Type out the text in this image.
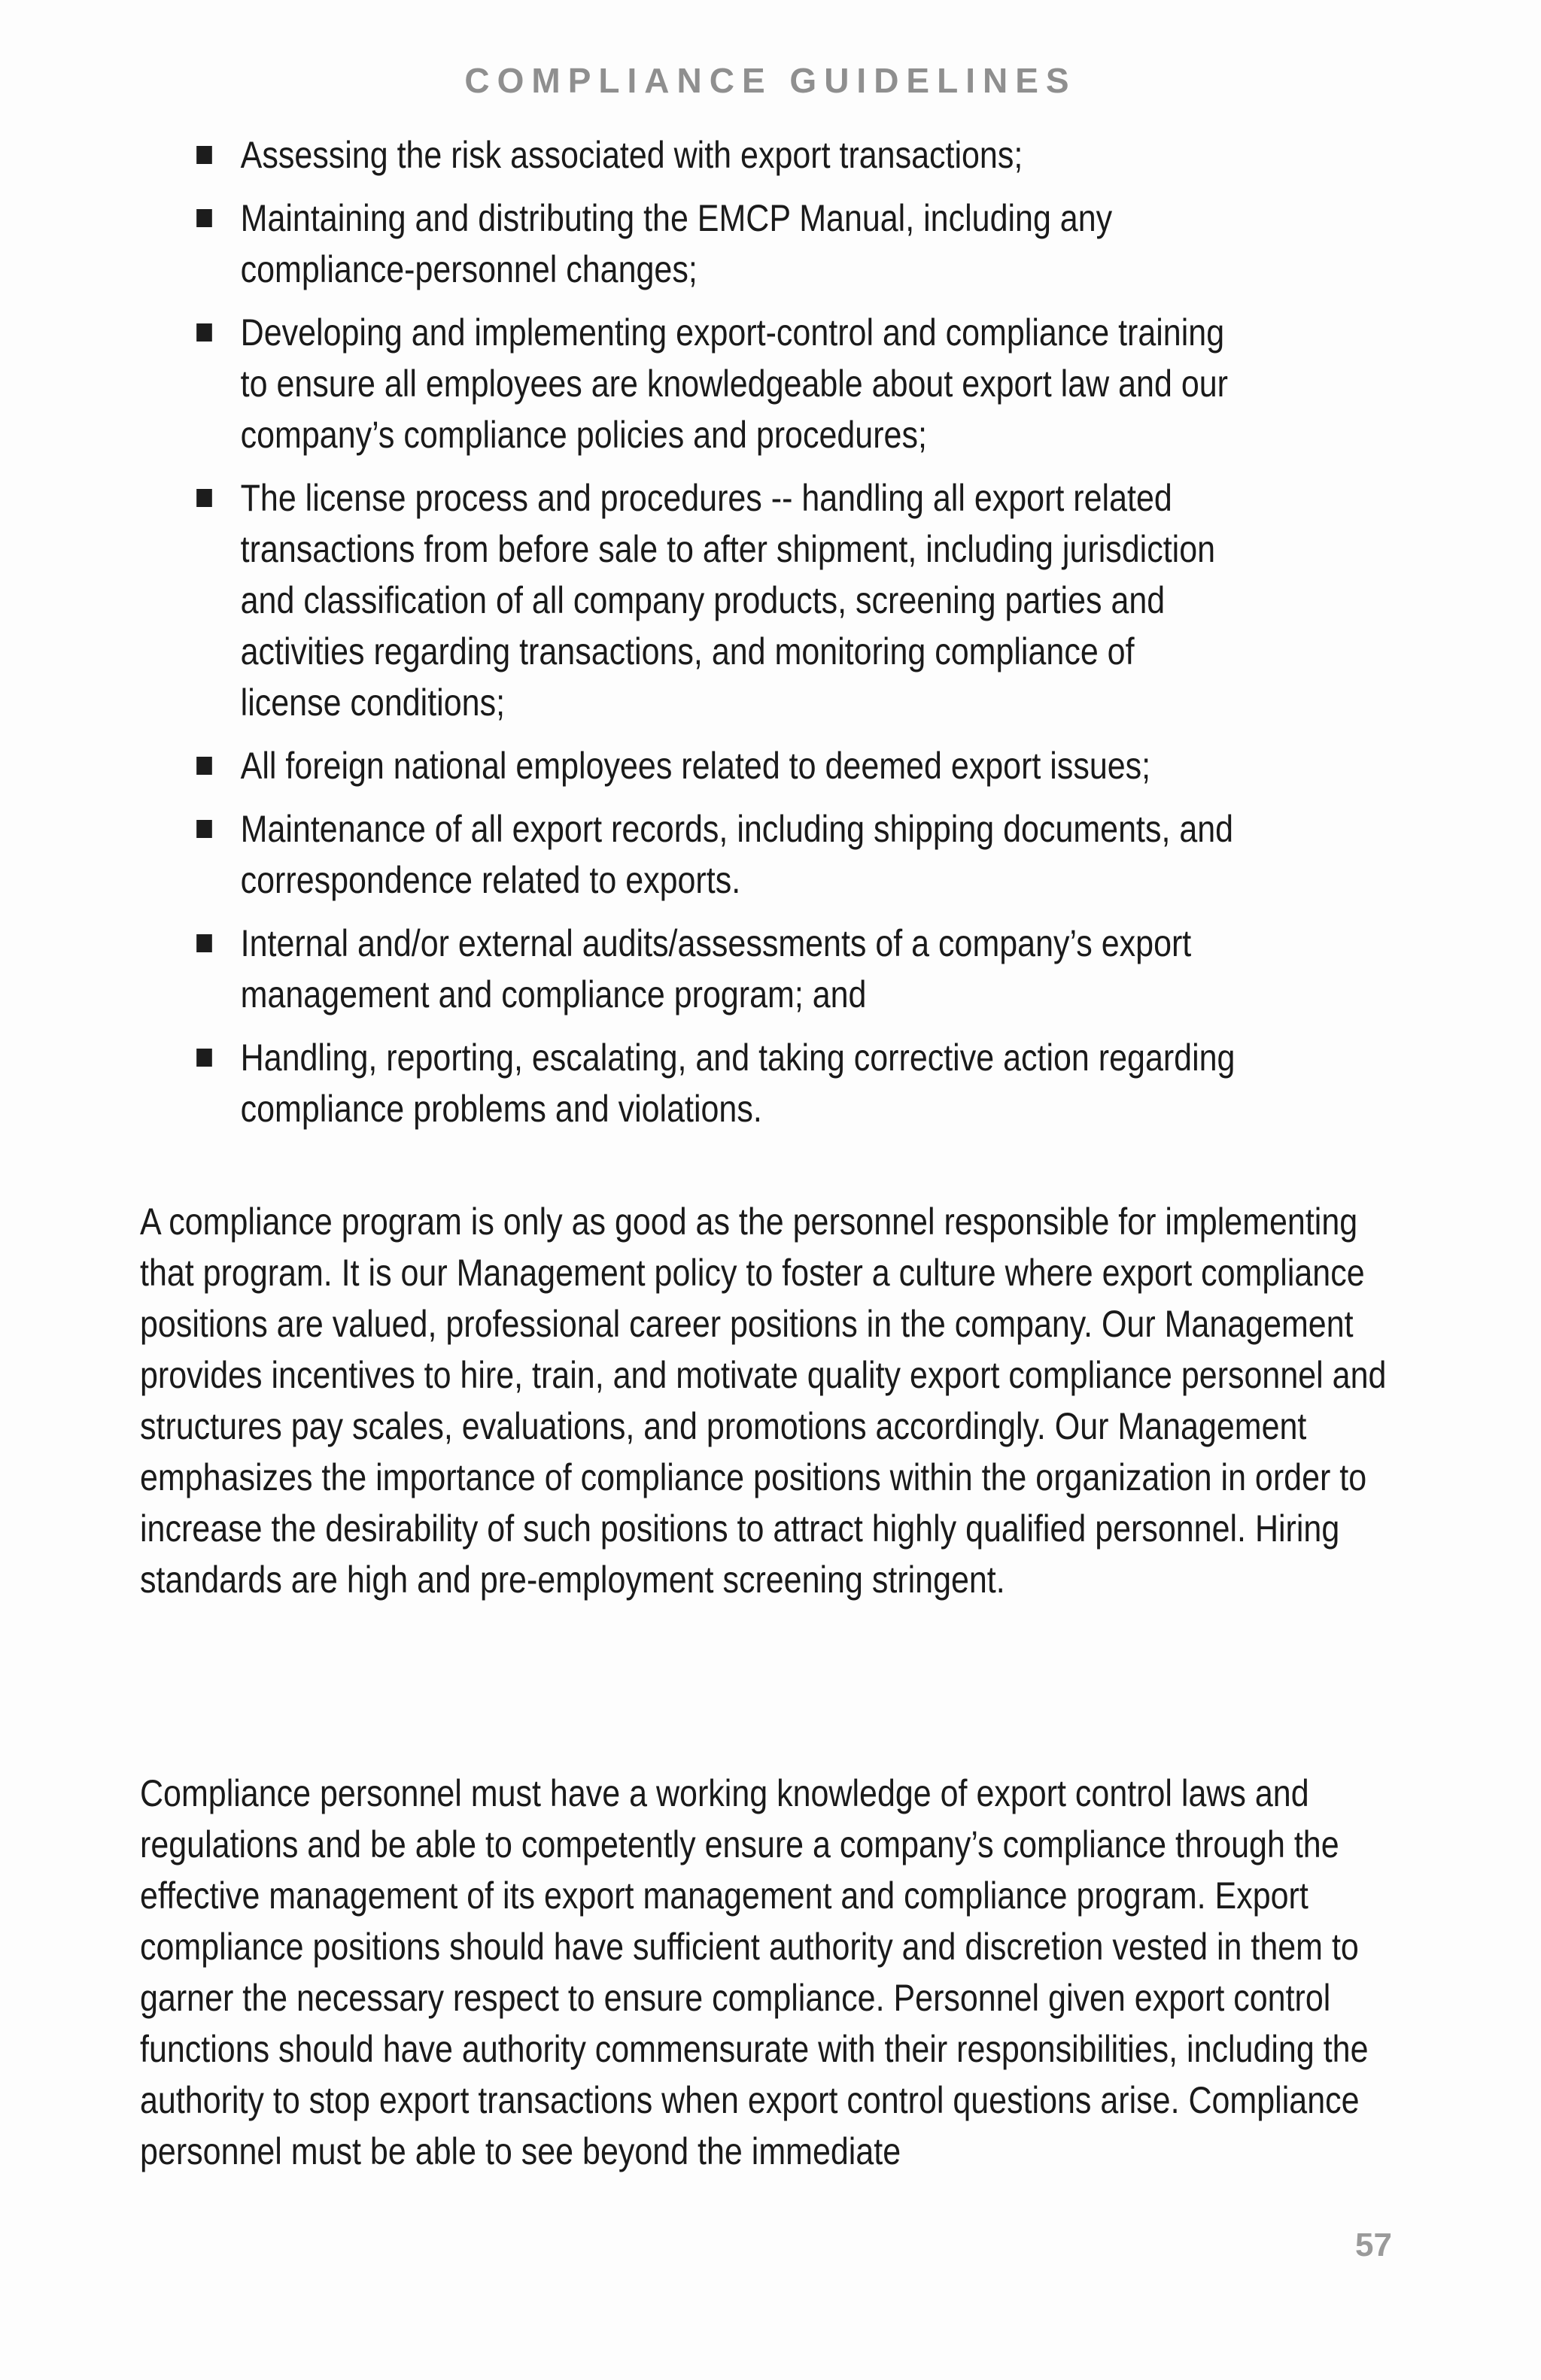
COMPLIANCE GUIDELINES
Assessing the risk associated with export transactions;
Maintaining and distributing the EMCP Manual, including any compliance-personnel changes;
Developing and implementing export-control and compliance training to ensure all employees are knowledgeable about export law and our company’s compliance policies and procedures;
The license process and procedures -- handling all export related transactions from before sale to after shipment, including jurisdiction and classification of all company products, screening parties and activities regarding transactions, and monitoring compliance of license conditions;
All foreign national employees related to deemed export issues;
Maintenance of all export records, including shipping documents, and correspondence related to exports.
Internal and/or external audits/assessments of a company’s export management and compliance program; and
Handling, reporting, escalating, and taking corrective action regarding compliance problems and violations.

A compliance program is only as good as the personnel responsible for implementing that program. It is our Management policy to foster a culture where export compliance positions are valued, professional career positions in the company. Our Management provides incentives to hire, train, and motivate quality export compliance personnel and structures pay scales, evaluations, and promotions accordingly. Our Management emphasizes the importance of compliance positions within the organization in order to increase the desirability of such positions to attract highly qualified personnel. Hiring standards are high and pre-employment screening stringent.

Compliance personnel must have a working knowledge of export control laws and regulations and be able to competently ensure a company’s compliance through the effective management of its export management and compliance program. Export compliance positions should have sufficient authority and discretion vested in them to garner the necessary respect to ensure compliance. Personnel given export control functions should have authority commensurate with their responsibilities, including the authority to stop export transactions when export control questions arise. Compliance personnel must be able to see beyond the immediate

57
